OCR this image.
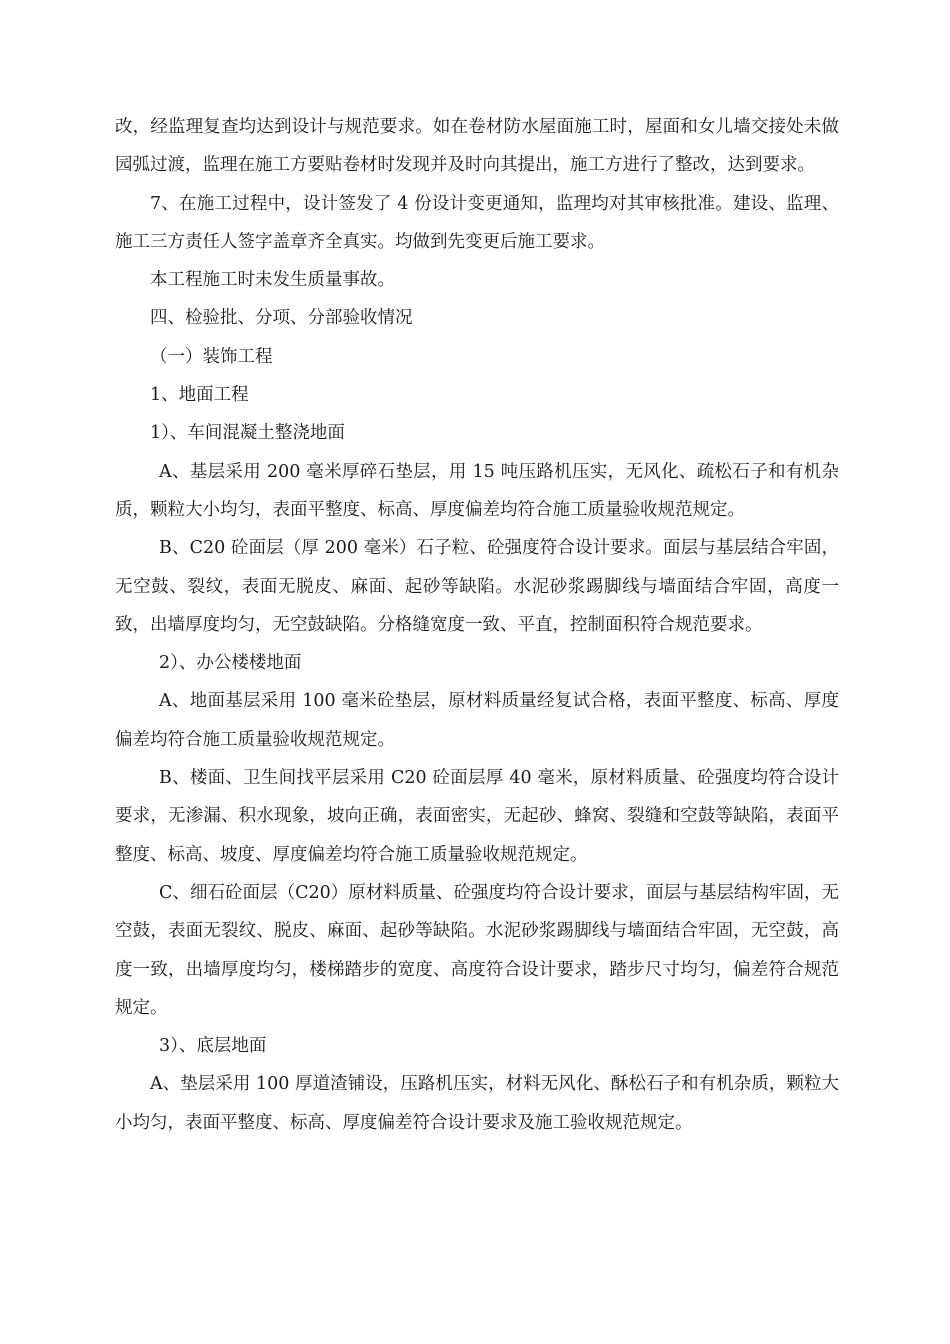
改，经监理复查均达到设计与规范要求。如在卷材防水屋面施工时，屋面和女儿墙交接处未做园弧过渡，监理在施工方要贴卷材时发现并及时向其提出，施工方进行了整改，达到要求。

7、在施工过程中，设计签发了 4 份设计变更通知，监理均对其审核批准。建设、监理、施工三方责任人签字盖章齐全真实。均做到先变更后施工要求。

本工程施工时未发生质量事故。

四、检验批、分项、分部验收情况

（一）装饰工程

1、地面工程

1）、车间混凝土整浇地面

A、基层采用 200 毫米厚碎石垫层，用 15 吨压路机压实，无风化、疏松石子和有机杂质，颗粒大小均匀，表面平整度、标高、厚度偏差均符合施工质量验收规范规定。

B、C20 砼面层（厚 200 毫米）石子粒、砼强度符合设计要求。面层与基层结合牢固，无空鼓、裂纹，表面无脱皮、麻面、起砂等缺陷。水泥砂浆踢脚线与墙面结合牢固，高度一致，出墙厚度均匀，无空鼓缺陷。分格缝宽度一致、平直，控制面积符合规范要求。

2）、办公楼楼地面

A、地面基层采用 100 毫米砼垫层，原材料质量经复试合格，表面平整度、标高、厚度偏差均符合施工质量验收规范规定。

B、楼面、卫生间找平层采用 C20 砼面层厚 40 毫米，原材料质量、砼强度均符合设计要求，无渗漏、积水现象，坡向正确，表面密实，无起砂、蜂窝、裂缝和空鼓等缺陷，表面平整度、标高、坡度、厚度偏差均符合施工质量验收规范规定。

C、细石砼面层（C20）原材料质量、砼强度均符合设计要求，面层与基层结构牢固，无空鼓，表面无裂纹、脱皮、麻面、起砂等缺陷。水泥砂浆踢脚线与墙面结合牢固，无空鼓，高度一致，出墙厚度均匀，楼梯踏步的宽度、高度符合设计要求，踏步尺寸均匀，偏差符合规范规定。

3）、底层地面

A、垫层采用 100 厚道渣铺设，压路机压实，材料无风化、酥松石子和有机杂质，颗粒大小均匀，表面平整度、标高、厚度偏差符合设计要求及施工验收规范规定。
